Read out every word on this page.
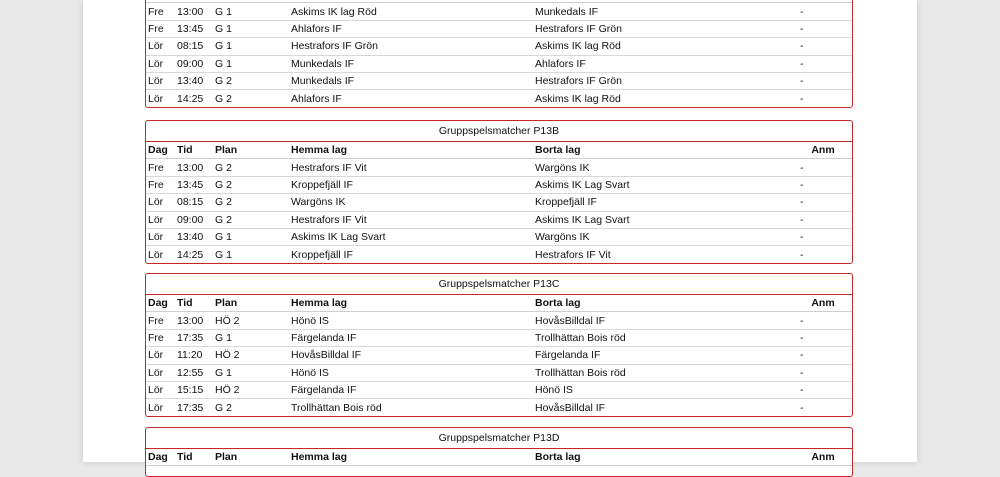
Fre	13:00	G 1	Askims IK lag Röd	Munkedals IF	-
Fre	13:45	G 1	Ahlafors IF	Hestrafors IF Grön	-
Lör	08:15	G 1	Hestrafors IF Grön	Askims IK lag Röd	-
Lör	09:00	G 1	Munkedals IF	Ahlafors IF	-
Lör	13:40	G 2	Munkedals IF	Hestrafors IF Grön	-
Lör	14:25	G 2	Ahlafors IF	Askims IK lag Röd	-
Gruppspelsmatcher P13B
Dag	Tid	Plan	Hemma lag	Borta lag	Anm
Fre	13:00	G 2	Hestrafors IF Vit	Wargöns IK	-
Fre	13:45	G 2	Kroppefjäll IF	Askims IK Lag Svart	-
Lör	08:15	G 2	Wargöns IK	Kroppefjäll IF	-
Lör	09:00	G 2	Hestrafors IF Vit	Askims IK Lag Svart	-
Lör	13:40	G 1	Askims IK Lag Svart	Wargöns IK	-
Lör	14:25	G 1	Kroppefjäll IF	Hestrafors IF Vit	-
Gruppspelsmatcher P13C
Dag	Tid	Plan	Hemma lag	Borta lag	Anm
Fre	13:00	HÖ 2	Hönö IS	HovåsBilldal IF	-
Fre	17:35	G 1	Färgelanda IF	Trollhättan Bois röd	-
Lör	11:20	HÖ 2	HovåsBilldal IF	Färgelanda IF	-
Lör	12:55	G 1	Hönö IS	Trollhättan Bois röd	-
Lör	15:15	HÖ 2	Färgelanda IF	Hönö IS	-
Lör	17:35	G 2	Trollhättan Bois röd	HovåsBilldal IF	-
Gruppspelsmatcher P13D
Dag	Tid	Plan	Hemma lag	Borta lag	Anm
